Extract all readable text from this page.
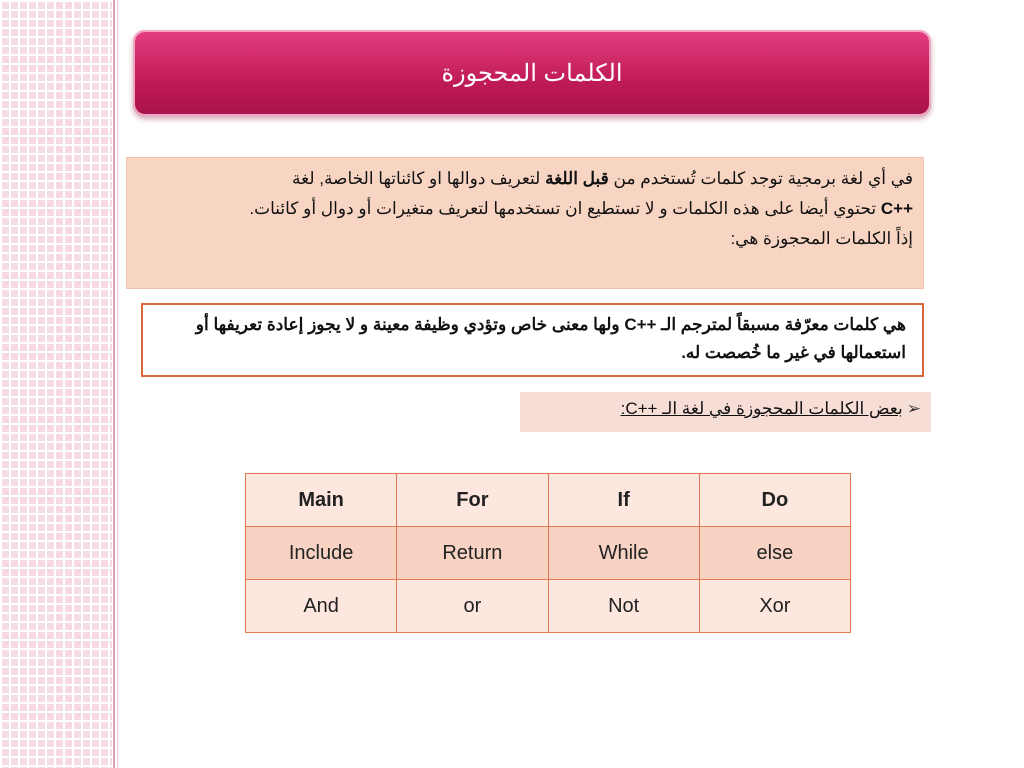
الكلمات المحجوزة
في أي لغة برمجية توجد كلمات تُستخدم من قبل اللغة لتعريف دوالها او كائناتها الخاصة, لغة
C++ تحتوي أيضا على هذه الكلمات و لا تستطيع ان تستخدمها لتعريف متغيرات أو دوال أو كائنات.
إذاً الكلمات المحجوزة هي:
هي كلمات معرّفة مسبقاً لمترجم الـ C++ ولها معنى خاص وتؤدي وظيفة معينة و لا يجوز إعادة تعريفها أو استعمالها في غير ما خُصصت له.
➢بعض الكلمات المحجوزة في لغة الـ ++C:
Main	For	If	Do
Include	Return	While	else
And	or	Not	Xor
